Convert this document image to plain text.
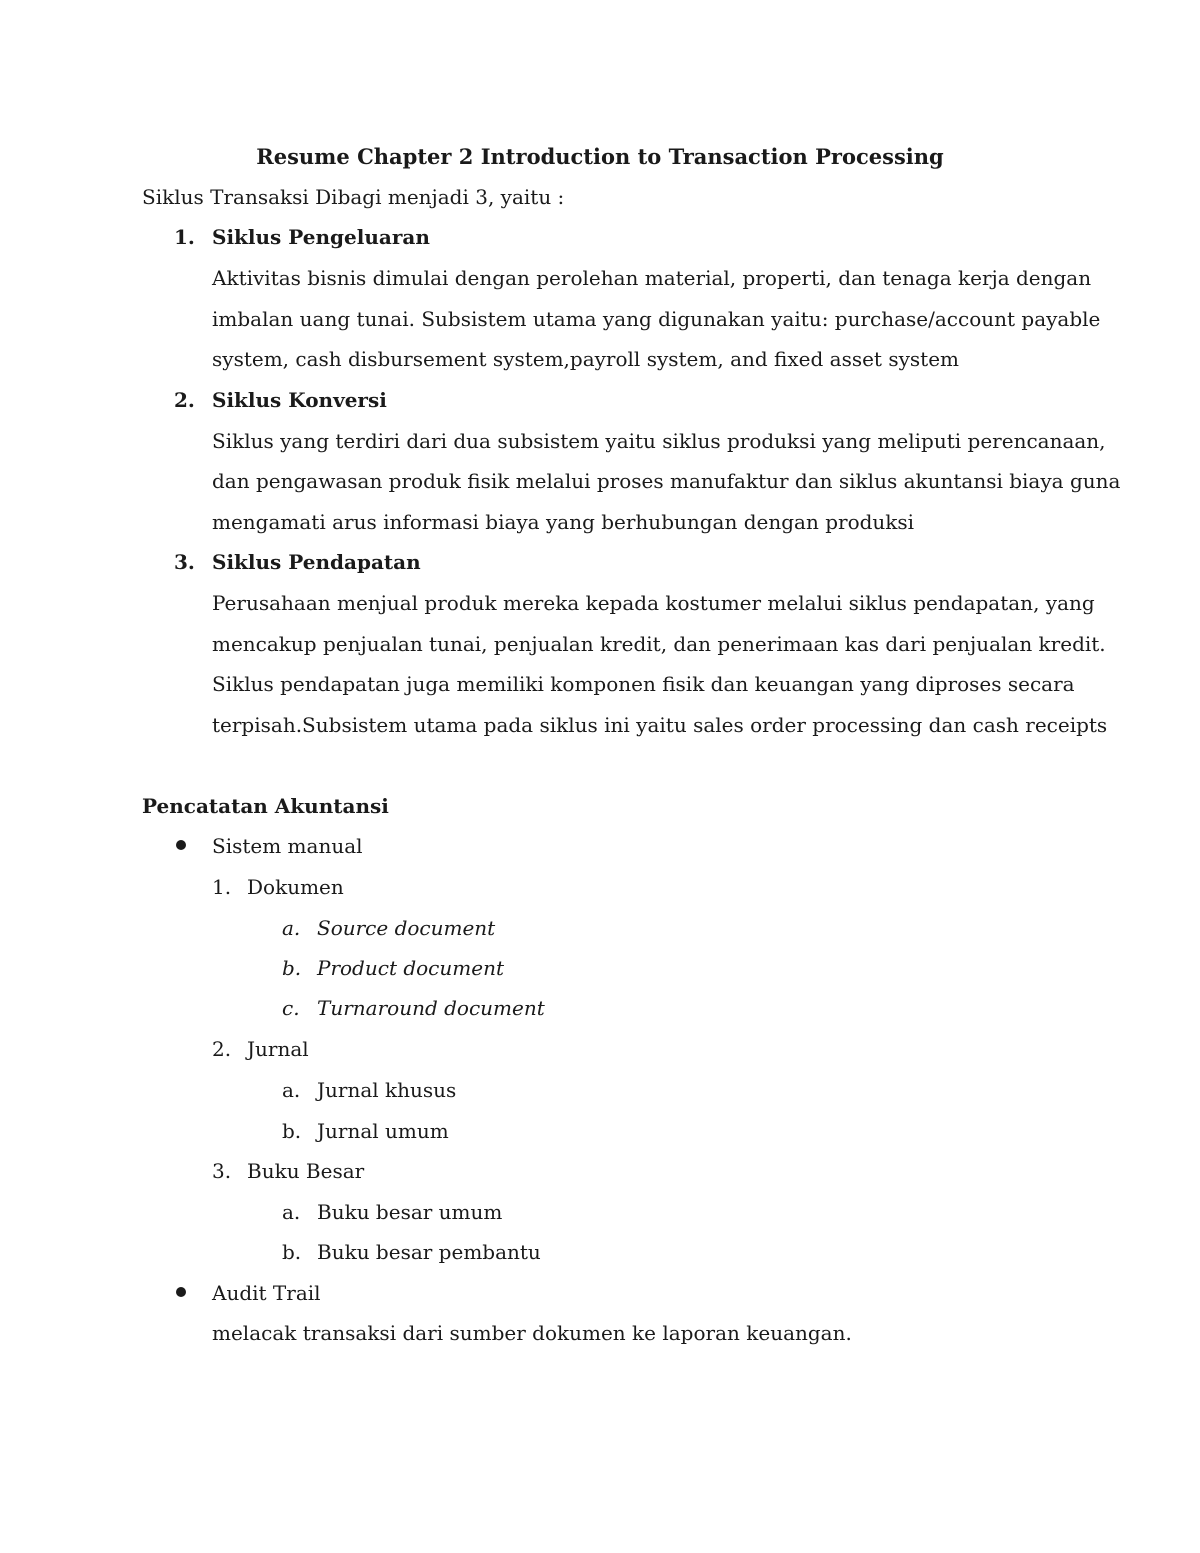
Resume Chapter 2 Introduction to Transaction Processing
Siklus Transaksi Dibagi menjadi 3, yaitu :
1. Siklus Pengeluaran
Aktivitas bisnis dimulai dengan perolehan material, properti, dan tenaga kerja dengan
imbalan uang tunai. Subsistem utama yang digunakan yaitu: purchase/account payable
system, cash disbursement system,payroll system, and fixed asset system
2. Siklus Konversi
Siklus yang terdiri dari dua subsistem yaitu siklus produksi yang meliputi perencanaan,
dan pengawasan produk fisik melalui proses manufaktur dan siklus akuntansi biaya guna
mengamati arus informasi biaya yang berhubungan dengan produksi
3. Siklus Pendapatan
Perusahaan menjual produk mereka kepada kostumer melalui siklus pendapatan, yang
mencakup penjualan tunai, penjualan kredit, dan penerimaan kas dari penjualan kredit.
Siklus pendapatan juga memiliki komponen fisik dan keuangan yang diproses secara
terpisah.Subsistem utama pada siklus ini yaitu sales order processing dan cash receipts
Pencatatan Akuntansi
Sistem manual
1. Dokumen
a. Source document
b. Product document
c. Turnaround document
2. Jurnal
a. Jurnal khusus
b. Jurnal umum
3. Buku Besar
a. Buku besar umum
b. Buku besar pembantu
Audit Trail
melacak transaksi dari sumber dokumen ke laporan keuangan.
